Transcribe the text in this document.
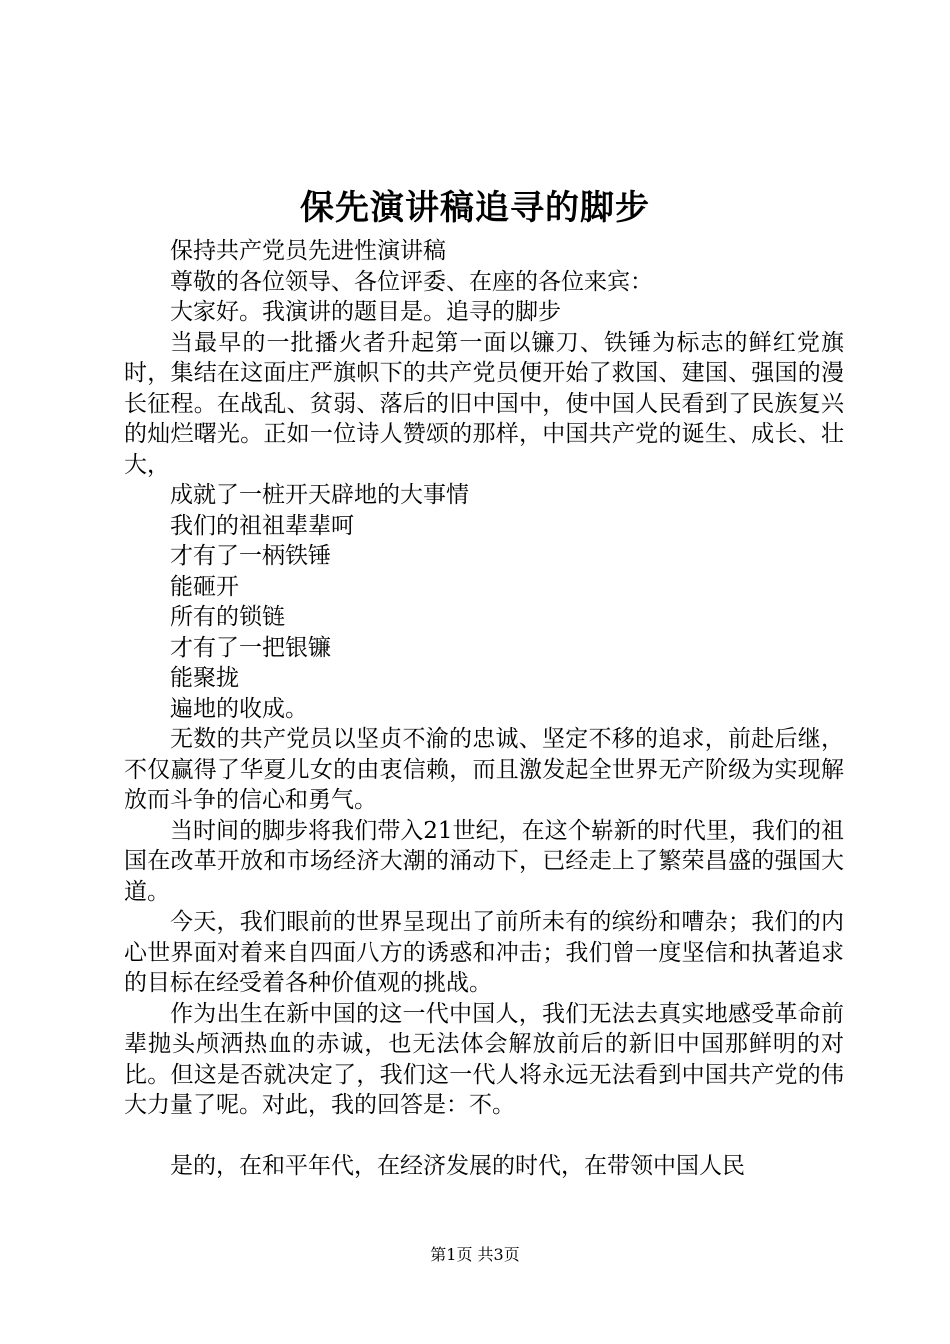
保先演讲稿追寻的脚步

保持共产党员先进性演讲稿

尊敬的各位领导、各位评委、在座的各位来宾：

大家好。我演讲的题目是。追寻的脚步

当最早的一批播火者升起第一面以镰刀、铁锤为标志的鲜红党旗时，集结在这面庄严旗帜下的共产党员便开始了救国、建国、强国的漫长征程。在战乱、贫弱、落后的旧中国中，使中国人民看到了民族复兴的灿烂曙光。正如一位诗人赞颂的那样，中国共产党的诞生、成长、壮大，

成就了一桩开天辟地的大事情

我们的祖祖辈辈呵

才有了一柄铁锤

能砸开

所有的锁链

才有了一把银镰

能聚拢

遍地的收成。

无数的共产党员以坚贞不渝的忠诚、坚定不移的追求，前赴后继，不仅赢得了华夏儿女的由衷信赖，而且激发起全世界无产阶级为实现解放而斗争的信心和勇气。

当时间的脚步将我们带入21世纪，在这个崭新的时代里，我们的祖国在改革开放和市场经济大潮的涌动下，已经走上了繁荣昌盛的强国大道。

今天，我们眼前的世界呈现出了前所未有的缤纷和嘈杂；我们的内心世界面对着来自四面八方的诱惑和冲击；我们曾一度坚信和执著追求的目标在经受着各种价值观的挑战。

作为出生在新中国的这一代中国人，我们无法去真实地感受革命前辈抛头颅洒热血的赤诚，也无法体会解放前后的新旧中国那鲜明的对比。但这是否就决定了，我们这一代人将永远无法看到中国共产党的伟大力量了呢。对此，我的回答是：不。

是的，在和平年代，在经济发展的时代，在带领中国人民

第1页 共3页
